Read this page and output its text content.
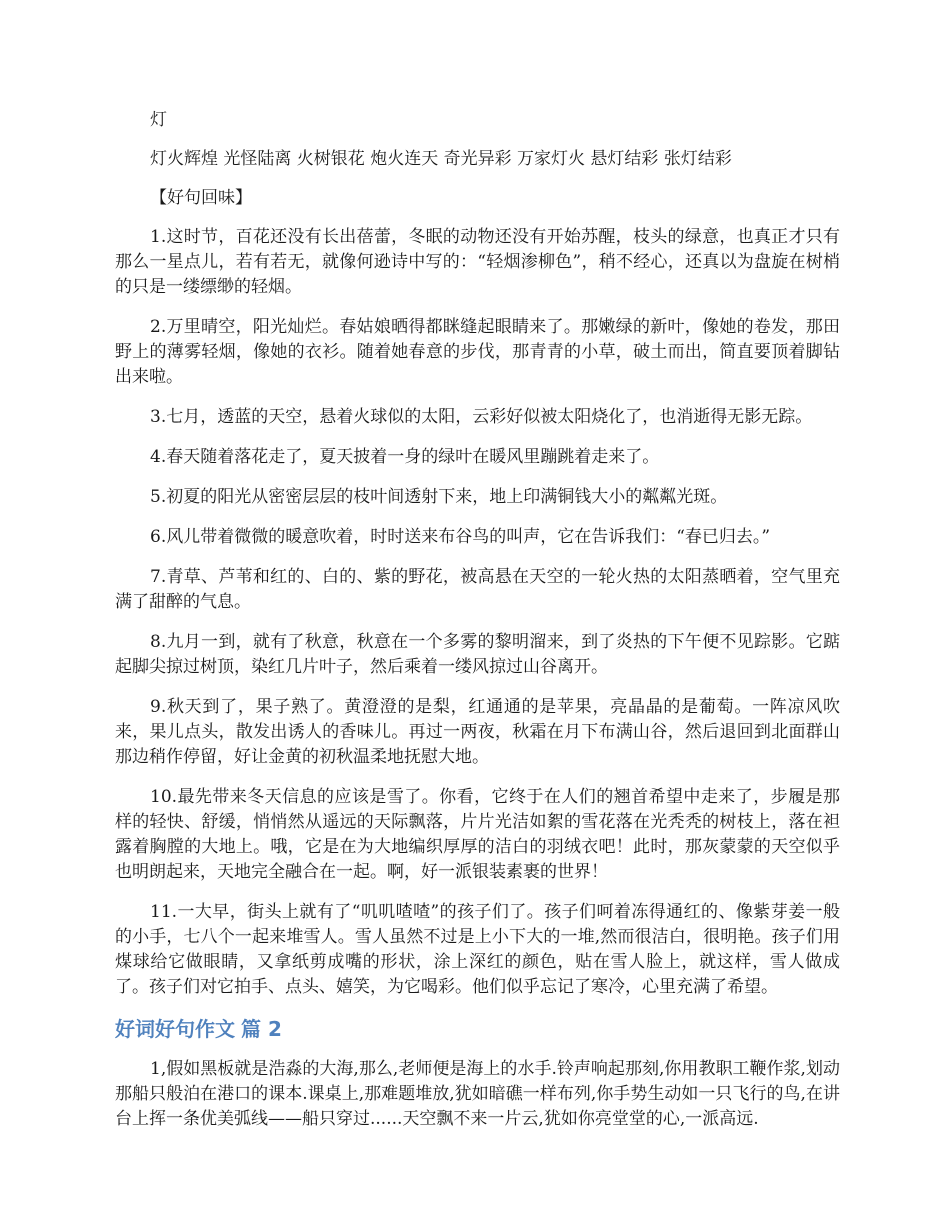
灯

灯火辉煌 光怪陆离 火树银花 炮火连天 奇光异彩 万家灯火 悬灯结彩 张灯结彩

【好句回味】

1.这时节，百花还没有长出蓓蕾，冬眠的动物还没有开始苏醒，枝头的绿意，也真正才只有那么一星点儿，若有若无，就像何逊诗中写的：“轻烟渗柳色”，稍不经心，还真以为盘旋在树梢的只是一缕缥缈的轻烟。

2.万里晴空，阳光灿烂。春姑娘晒得都眯缝起眼睛来了。那嫩绿的新叶，像她的卷发，那田野上的薄雾轻烟，像她的衣衫。随着她春意的步伐，那青青的小草，破土而出，简直要顶着脚钻出来啦。

3.七月，透蓝的天空，悬着火球似的太阳，云彩好似被太阳烧化了，也消逝得无影无踪。

4.春天随着落花走了，夏天披着一身的绿叶在暖风里蹦跳着走来了。

5.初夏的阳光从密密层层的枝叶间透射下来，地上印满铜钱大小的粼粼光斑。

6.风儿带着微微的暖意吹着，时时送来布谷鸟的叫声，它在告诉我们：“春已归去。”

7.青草、芦苇和红的、白的、紫的野花，被高悬在天空的一轮火热的太阳蒸晒着，空气里充满了甜醉的气息。

8.九月一到，就有了秋意，秋意在一个多雾的黎明溜来，到了炎热的下午便不见踪影。它踮起脚尖掠过树顶，染红几片叶子，然后乘着一缕风掠过山谷离开。

9.秋天到了，果子熟了。黄澄澄的是梨，红通通的是苹果，亮晶晶的是葡萄。一阵凉风吹来，果儿点头，散发出诱人的香味儿。再过一两夜，秋霜在月下布满山谷，然后退回到北面群山那边稍作停留，好让金黄的初秋温柔地抚慰大地。

10.最先带来冬天信息的应该是雪了。你看，它终于在人们的翘首希望中走来了，步履是那样的轻快、舒缓，悄悄然从遥远的天际飘落，片片光洁如絮的雪花落在光秃秃的树枝上，落在袒露着胸膛的大地上。哦，它是在为大地编织厚厚的洁白的羽绒衣吧！此时，那灰蒙蒙的天空似乎也明朗起来，天地完全融合在一起。啊，好一派银装素裹的世界！

11.一大早，街头上就有了“叽叽喳喳”的孩子们了。孩子们呵着冻得通红的、像紫芽姜一般的小手，七八个一起来堆雪人。雪人虽然不过是上小下大的一堆,然而很洁白，很明艳。孩子们用煤球给它做眼睛，又拿纸剪成嘴的形状，涂上深红的颜色，贴在雪人脸上，就这样，雪人做成了。孩子们对它拍手、点头、嬉笑，为它喝彩。他们似乎忘记了寒冷，心里充满了希望。

好词好句作文 篇 2

1,假如黑板就是浩淼的大海,那么,老师便是海上的水手.铃声响起那刻,你用教职工鞭作浆,划动那船只般泊在港口的课本.课桌上,那难题堆放,犹如暗礁一样布列,你手势生动如一只飞行的鸟,在讲台上挥一条优美弧线——船只穿过......天空飘不来一片云,犹如你亮堂堂的心,一派高远.
